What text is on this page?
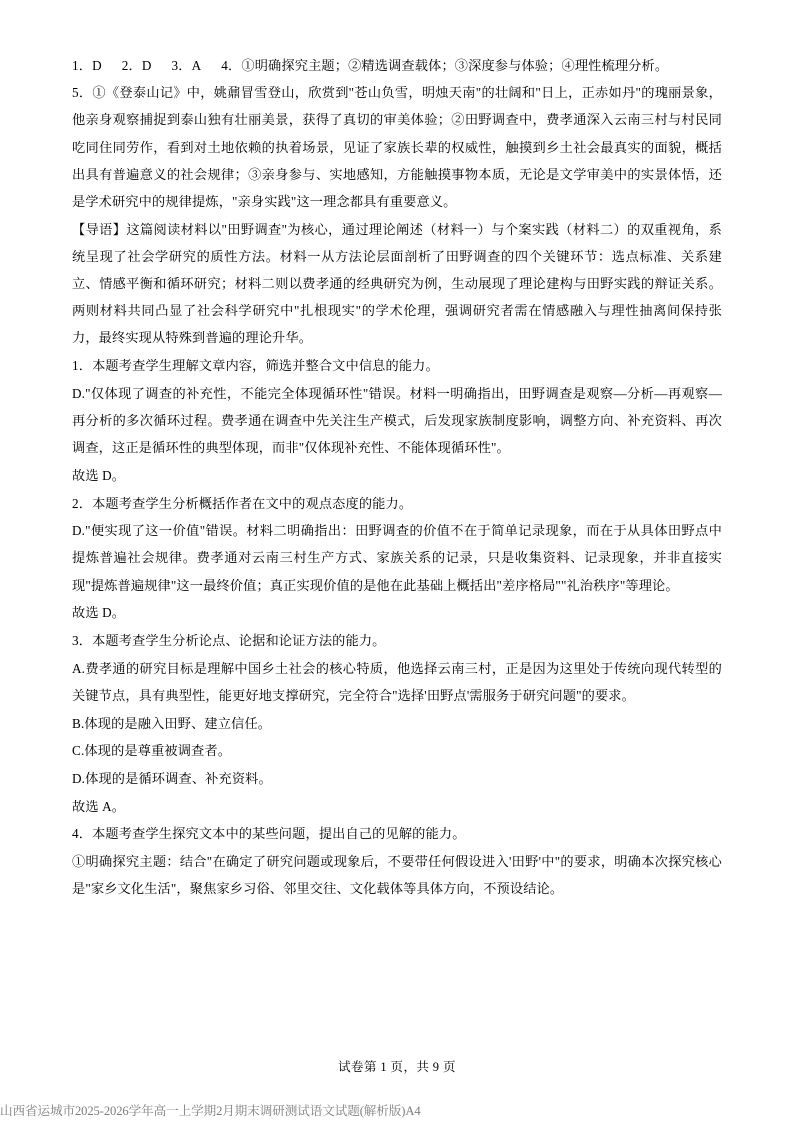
1．D 2．D 3．A 4．①明确探究主题；②精选调查载体；③深度参与体验；④理性梳理分析。

5．①《登泰山记》中，姚鼐冒雪登山，欣赏到"苍山负雪，明烛天南"的壮阔和"日上，正赤如丹"的瑰丽景象，他亲身观察捕捉到泰山独有壮丽美景，获得了真切的审美体验；②田野调查中，费孝通深入云南三村与村民同吃同住同劳作，看到对土地依赖的执着场景，见证了家族长辈的权威性，触摸到乡土社会最真实的面貌，概括出具有普遍意义的社会规律；③亲身参与、实地感知，方能触摸事物本质，无论是文学审美中的实景体悟，还是学术研究中的规律提炼，"亲身实践"这一理念都具有重要意义。

【导语】这篇阅读材料以"田野调查"为核心，通过理论阐述（材料一）与个案实践（材料二）的双重视角，系统呈现了社会学研究的质性方法。材料一从方法论层面剖析了田野调查的四个关键环节：选点标准、关系建立、情感平衡和循环研究；材料二则以费孝通的经典研究为例，生动展现了理论建构与田野实践的辩证关系。两则材料共同凸显了社会科学研究中"扎根现实"的学术伦理，强调研究者需在情感融入与理性抽离间保持张力，最终实现从特殊到普遍的理论升华。

1．本题考查学生理解文章内容，筛选并整合文中信息的能力。

D."仅体现了调查的补充性，不能完全体现循环性"错误。材料一明确指出，田野调查是观察—分析—再观察—再分析的多次循环过程。费孝通在调查中先关注生产模式，后发现家族制度影响，调整方向、补充资料、再次调查，这正是循环性的典型体现，而非"仅体现补充性、不能体现循环性"。

故选 D。

2．本题考查学生分析概括作者在文中的观点态度的能力。

D."便实现了这一价值"错误。材料二明确指出：田野调查的价值不在于简单记录现象，而在于从具体田野点中提炼普遍社会规律。费孝通对云南三村生产方式、家族关系的记录，只是收集资料、记录现象，并非直接实现"提炼普遍规律"这一最终价值；真正实现价值的是他在此基础上概括出"差序格局""礼治秩序"等理论。

故选 D。

3．本题考查学生分析论点、论据和论证方法的能力。

A.费孝通的研究目标是理解中国乡土社会的核心特质，他选择云南三村，正是因为这里处于传统向现代转型的关键节点，具有典型性，能更好地支撑研究，完全符合"选择'田野点'需服务于研究问题"的要求。

B.体现的是融入田野、建立信任。

C.体现的是尊重被调查者。

D.体现的是循环调查、补充资料。

故选 A。

4．本题考查学生探究文本中的某些问题，提出自己的见解的能力。

①明确探究主题：结合"在确定了研究问题或现象后，不要带任何假设进入'田野'中"的要求，明确本次探究核心是"家乡文化生活"，聚焦家乡习俗、邻里交往、文化载体等具体方向，不预设结论。

试卷第 1 页，共 9 页
山西省运城市2025-2026学年高一上学期2月期末调研测试语文试题(解析版)A4
